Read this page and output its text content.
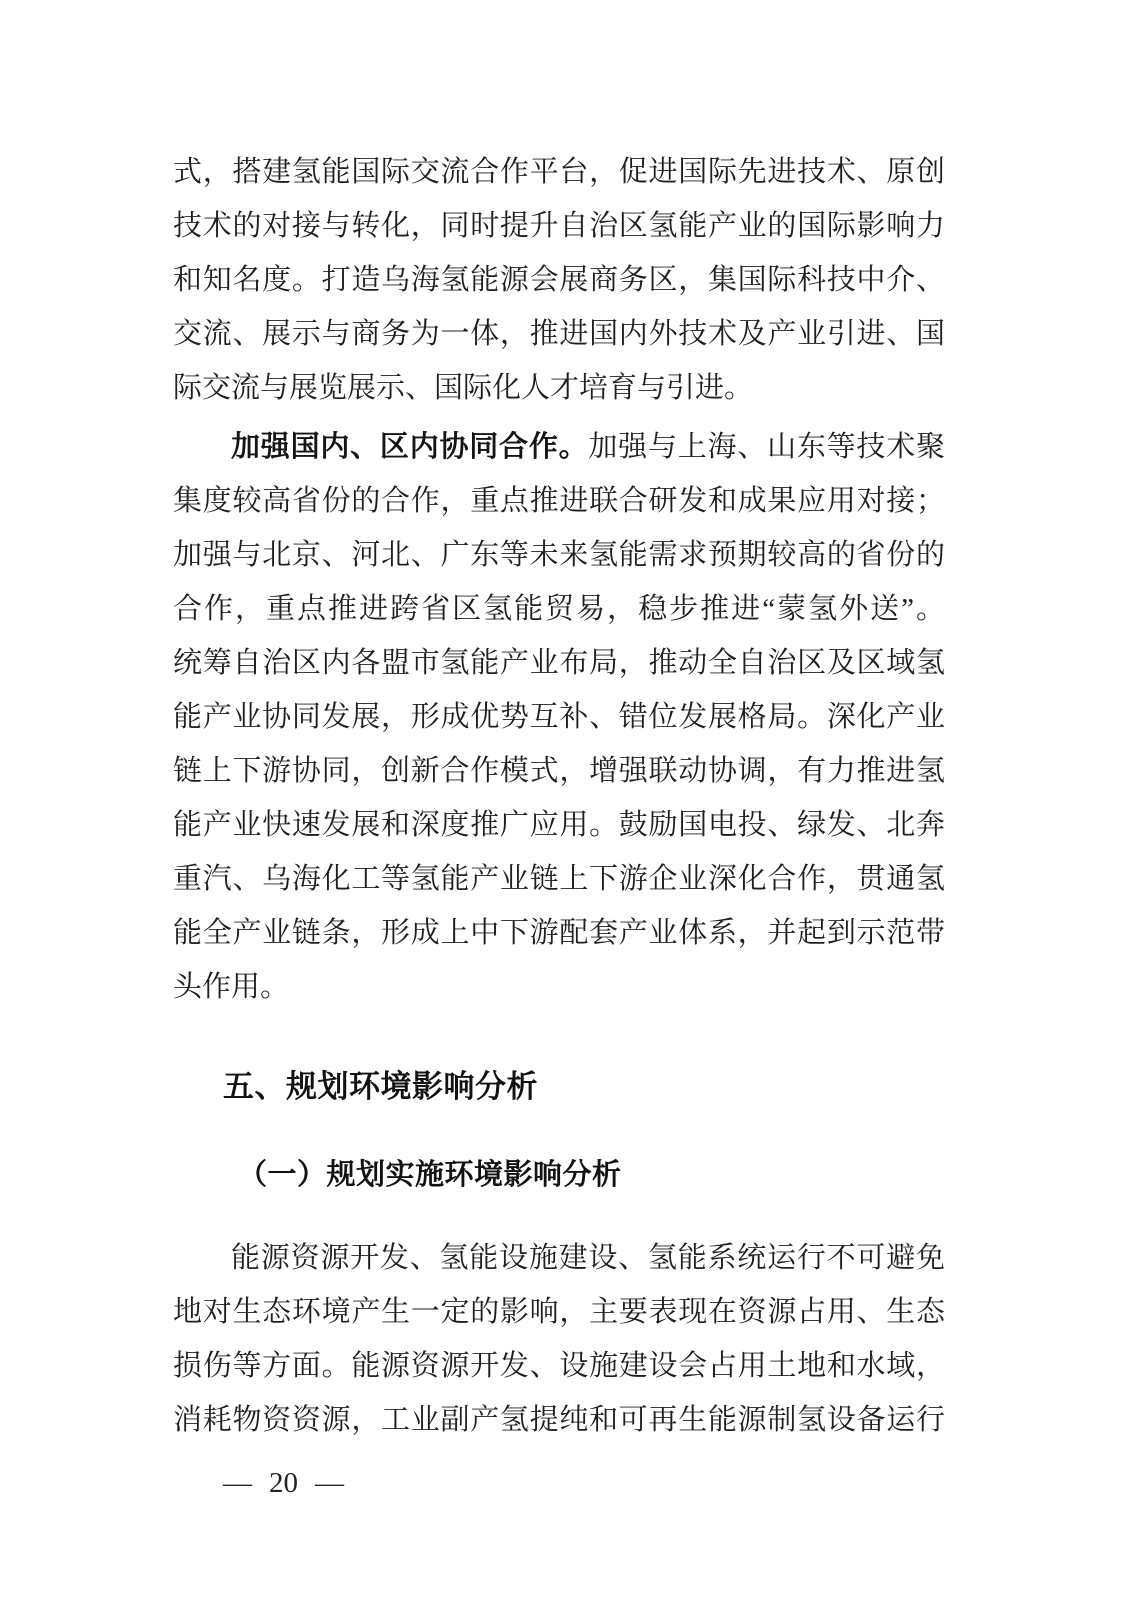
式，搭建氢能国际交流合作平台，促进国际先进技术、原创
技术的对接与转化，同时提升自治区氢能产业的国际影响力
和知名度。打造乌海氢能源会展商务区，集国际科技中介、
交流、展示与商务为一体，推进国内外技术及产业引进、国
际交流与展览展示、国际化人才培育与引进。
加强国内、区内协同合作。加强与上海、山东等技术聚
集度较高省份的合作，重点推进联合研发和成果应用对接；
加强与北京、河北、广东等未来氢能需求预期较高的省份的
合作，重点推进跨省区氢能贸易，稳步推进“蒙氢外送”。
统筹自治区内各盟市氢能产业布局，推动全自治区及区域氢
能产业协同发展，形成优势互补、错位发展格局。深化产业
链上下游协同，创新合作模式，增强联动协调，有力推进氢
能产业快速发展和深度推广应用。鼓励国电投、绿发、北奔
重汽、乌海化工等氢能产业链上下游企业深化合作，贯通氢
能全产业链条，形成上中下游配套产业体系，并起到示范带
头作用。
五、规划环境影响分析
（一）规划实施环境影响分析
能源资源开发、氢能设施建设、氢能系统运行不可避免
地对生态环境产生一定的影响，主要表现在资源占用、生态
损伤等方面。能源资源开发、设施建设会占用土地和水域，
消耗物资资源，工业副产氢提纯和可再生能源制氢设备运行
— 20 —
